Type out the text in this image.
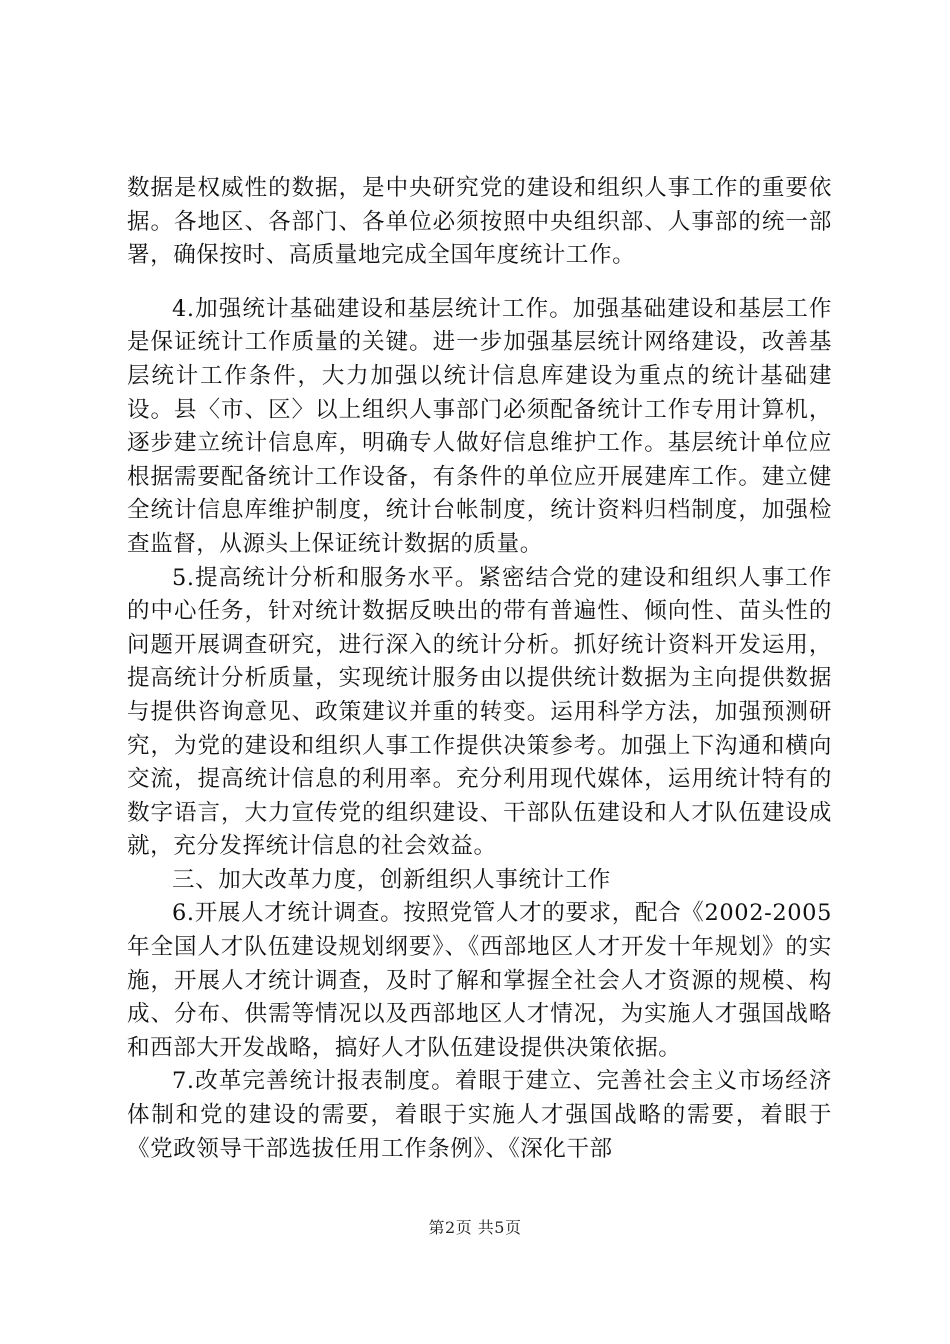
数据是权威性的数据，是中央研究党的建设和组织人事工作的重要依据。各地区、各部门、各单位必须按照中央组织部、人事部的统一部署，确保按时、高质量地完成全国年度统计工作。

4.加强统计基础建设和基层统计工作。加强基础建设和基层工作是保证统计工作质量的关键。进一步加强基层统计网络建设，改善基层统计工作条件，大力加强以统计信息库建设为重点的统计基础建设。县〈市、区〉以上组织人事部门必须配备统计工作专用计算机，逐步建立统计信息库，明确专人做好信息维护工作。基层统计单位应根据需要配备统计工作设备，有条件的单位应开展建库工作。建立健全统计信息库维护制度，统计台帐制度，统计资料归档制度，加强检查监督，从源头上保证统计数据的质量。

5.提高统计分析和服务水平。紧密结合党的建设和组织人事工作的中心任务，针对统计数据反映出的带有普遍性、倾向性、苗头性的问题开展调查研究，进行深入的统计分析。抓好统计资料开发运用，提高统计分析质量，实现统计服务由以提供统计数据为主向提供数据与提供咨询意见、政策建议并重的转变。运用科学方法，加强预测研究，为党的建设和组织人事工作提供决策参考。加强上下沟通和横向交流，提高统计信息的利用率。充分利用现代媒体，运用统计特有的数字语言，大力宣传党的组织建设、干部队伍建设和人才队伍建设成就，充分发挥统计信息的社会效益。

三、加大改革力度，创新组织人事统计工作

6.开展人才统计调查。按照党管人才的要求，配合《2002-2005年全国人才队伍建设规划纲要》、《西部地区人才开发十年规划》的实施，开展人才统计调查，及时了解和掌握全社会人才资源的规模、构成、分布、供需等情况以及西部地区人才情况，为实施人才强国战略和西部大开发战略，搞好人才队伍建设提供决策依据。

7.改革完善统计报表制度。着眼于建立、完善社会主义市场经济体制和党的建设的需要，着眼于实施人才强国战略的需要，着眼于《党政领导干部选拔任用工作条例》、《深化干部

第2页 共5页
